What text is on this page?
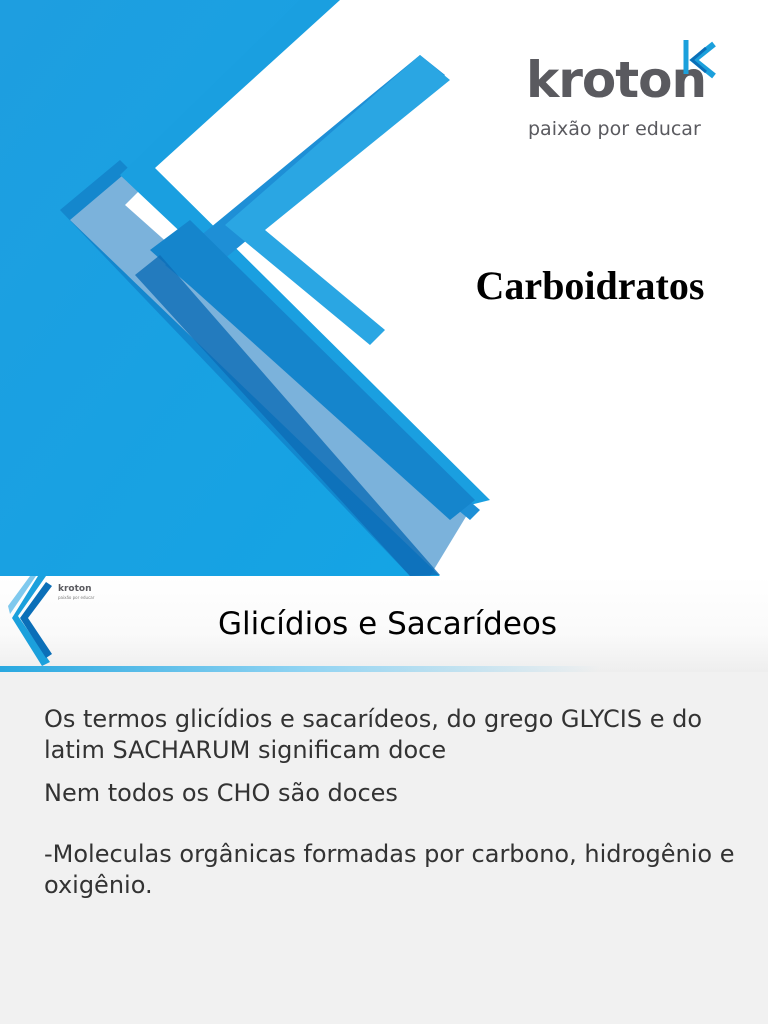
kroton
paixão por educar
Carboidratos
kroton
paixão por educar
Glicídios e Sacarídeos

Os termos glicídios e sacarídeos, do grego GLYCIS e do latim SACHARUM significam doce

Nem todos os CHO são doces

-Moleculas orgânicas formadas por carbono, hidrogênio e oxigênio.
